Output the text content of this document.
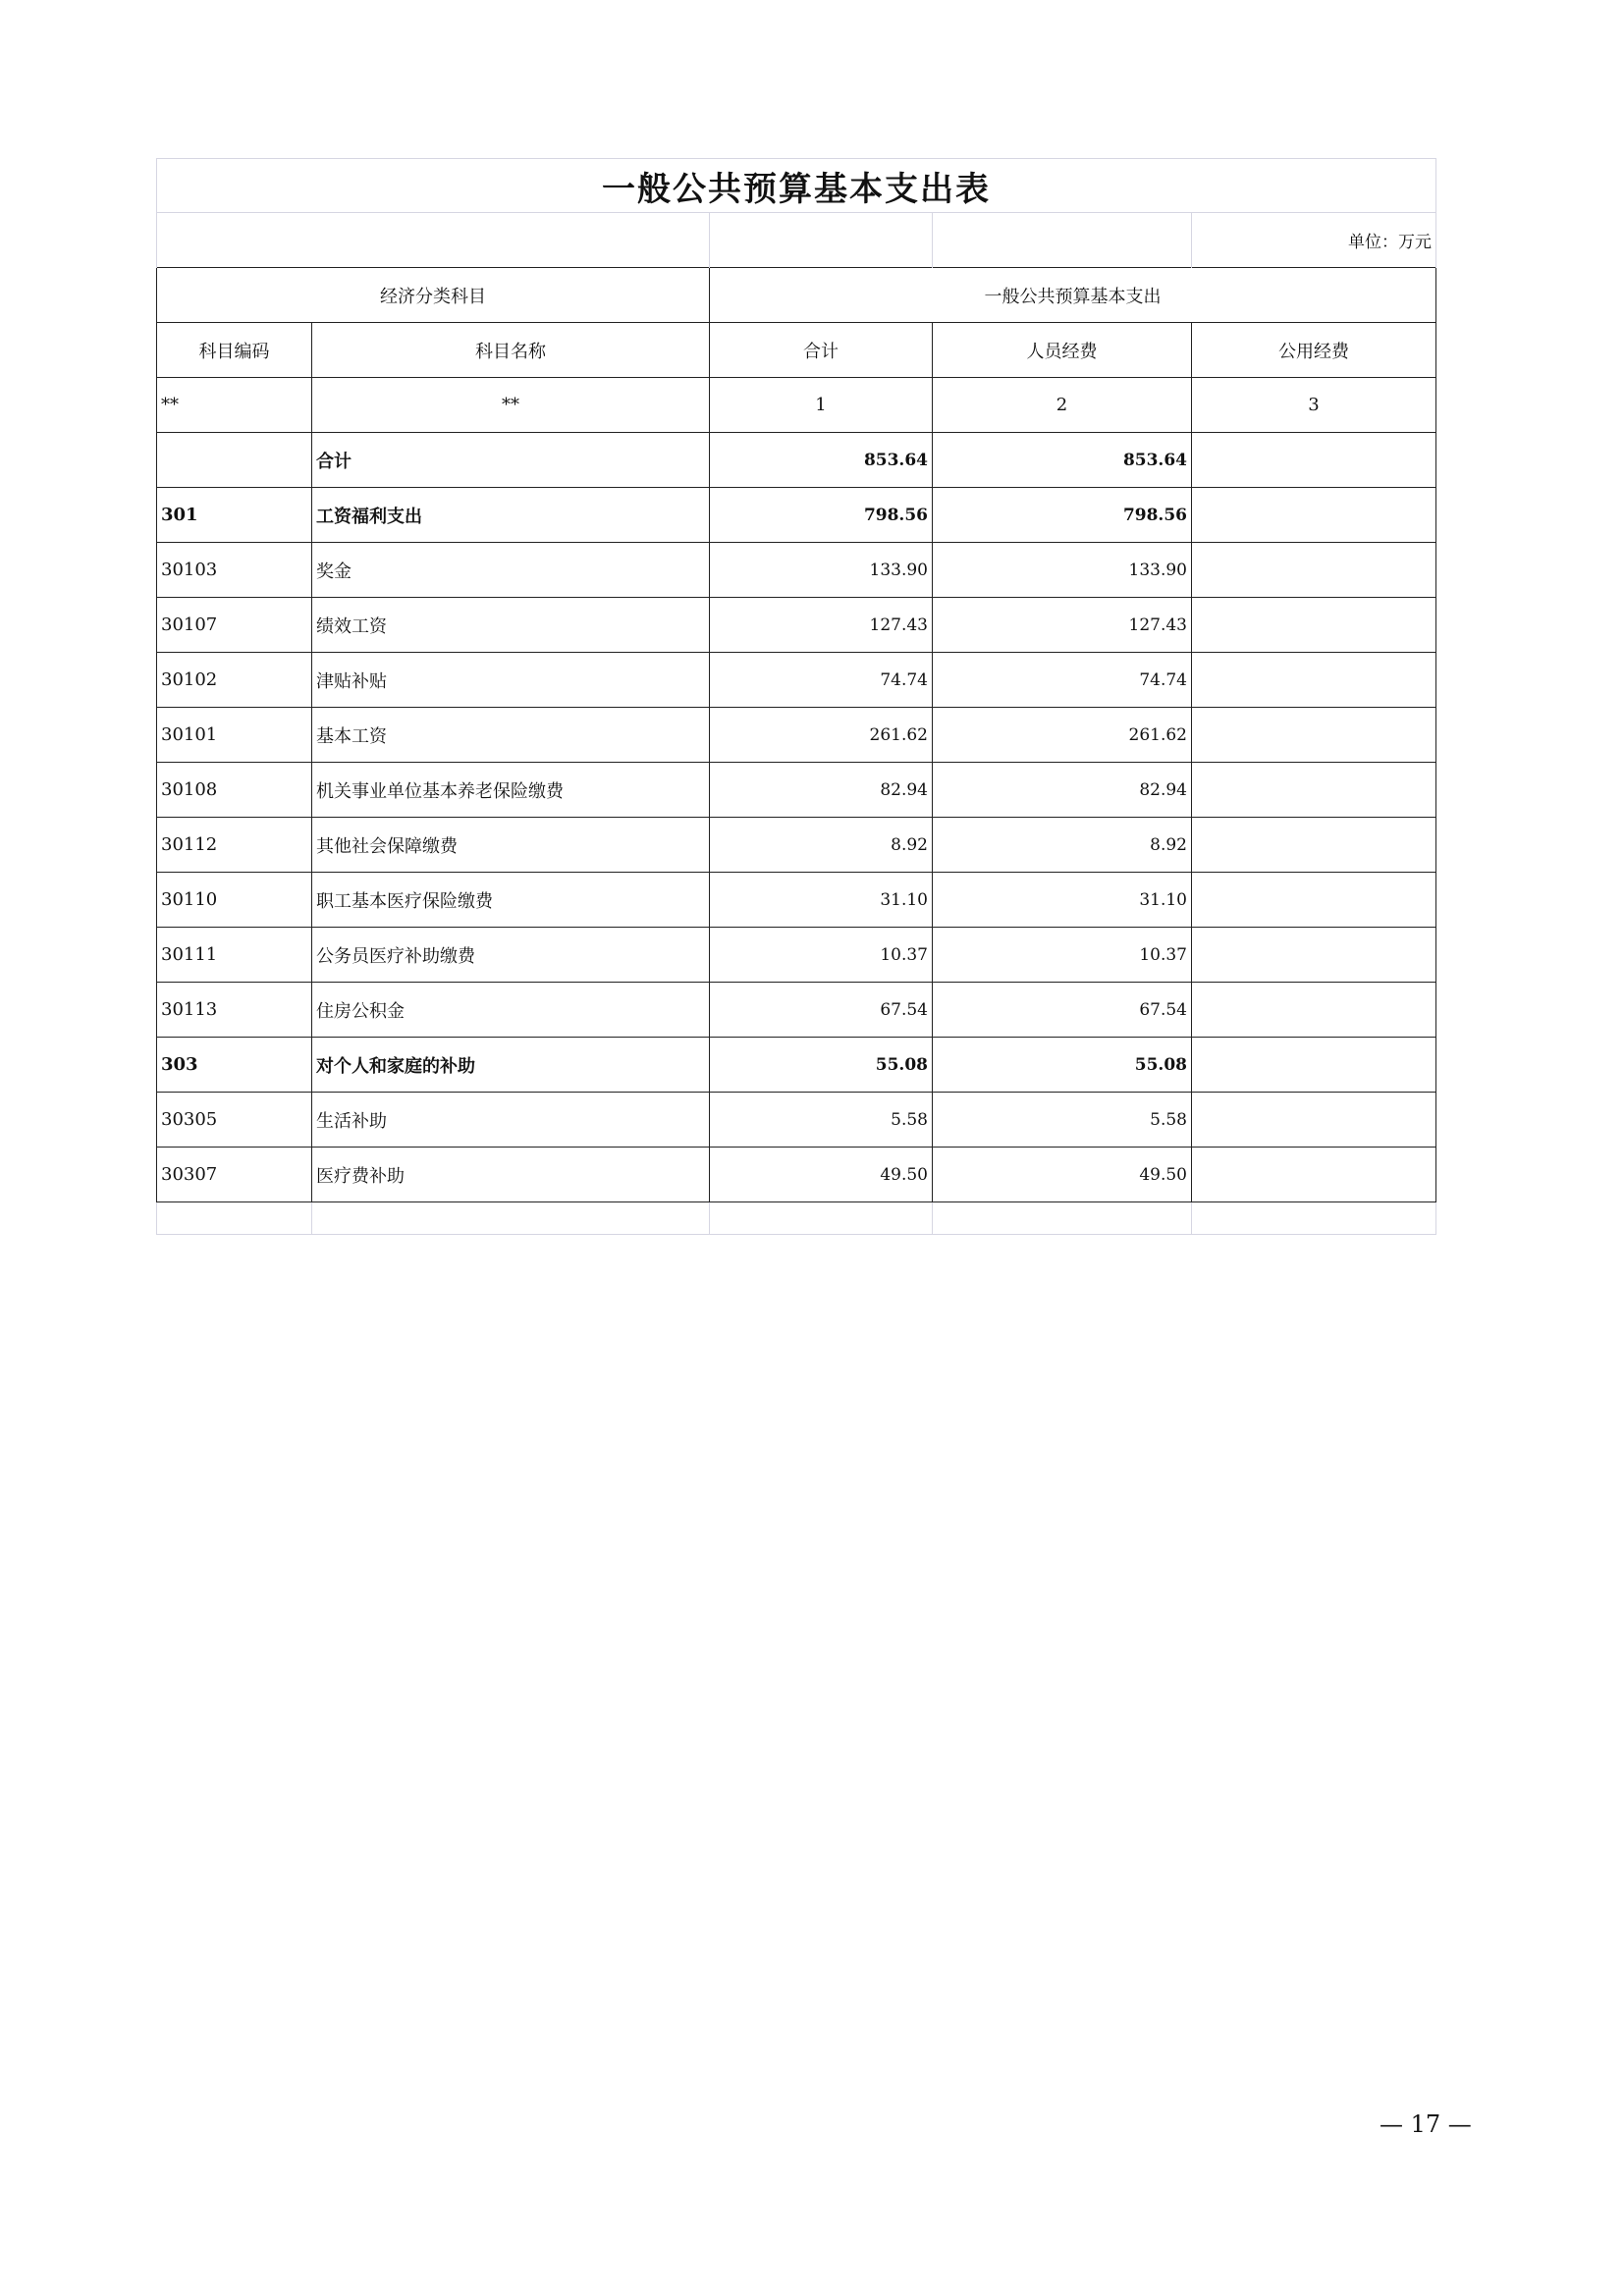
一般公共预算基本支出表				
				单位：万元
经济分类科目		一般公共预算基本支出		
科目编码	科目名称	合计	人员经费	公用经费
**	**	1	2	3
	合计	853.64	853.64	
301	工资福利支出	798.56	798.56	
30103	奖金	133.90	133.90	
30107	绩效工资	127.43	127.43	
30102	津贴补贴	74.74	74.74	
30101	基本工资	261.62	261.62	
30108	机关事业单位基本养老保险缴费	82.94	82.94	
30112	其他社会保障缴费	8.92	8.92	
30110	职工基本医疗保险缴费	31.10	31.10	
30111	公务员医疗补助缴费	10.37	10.37	
30113	住房公积金	67.54	67.54	
303	对个人和家庭的补助	55.08	55.08	
30305	生活补助	5.58	5.58	
30307	医疗费补助	49.50	49.50	

— 17 —
